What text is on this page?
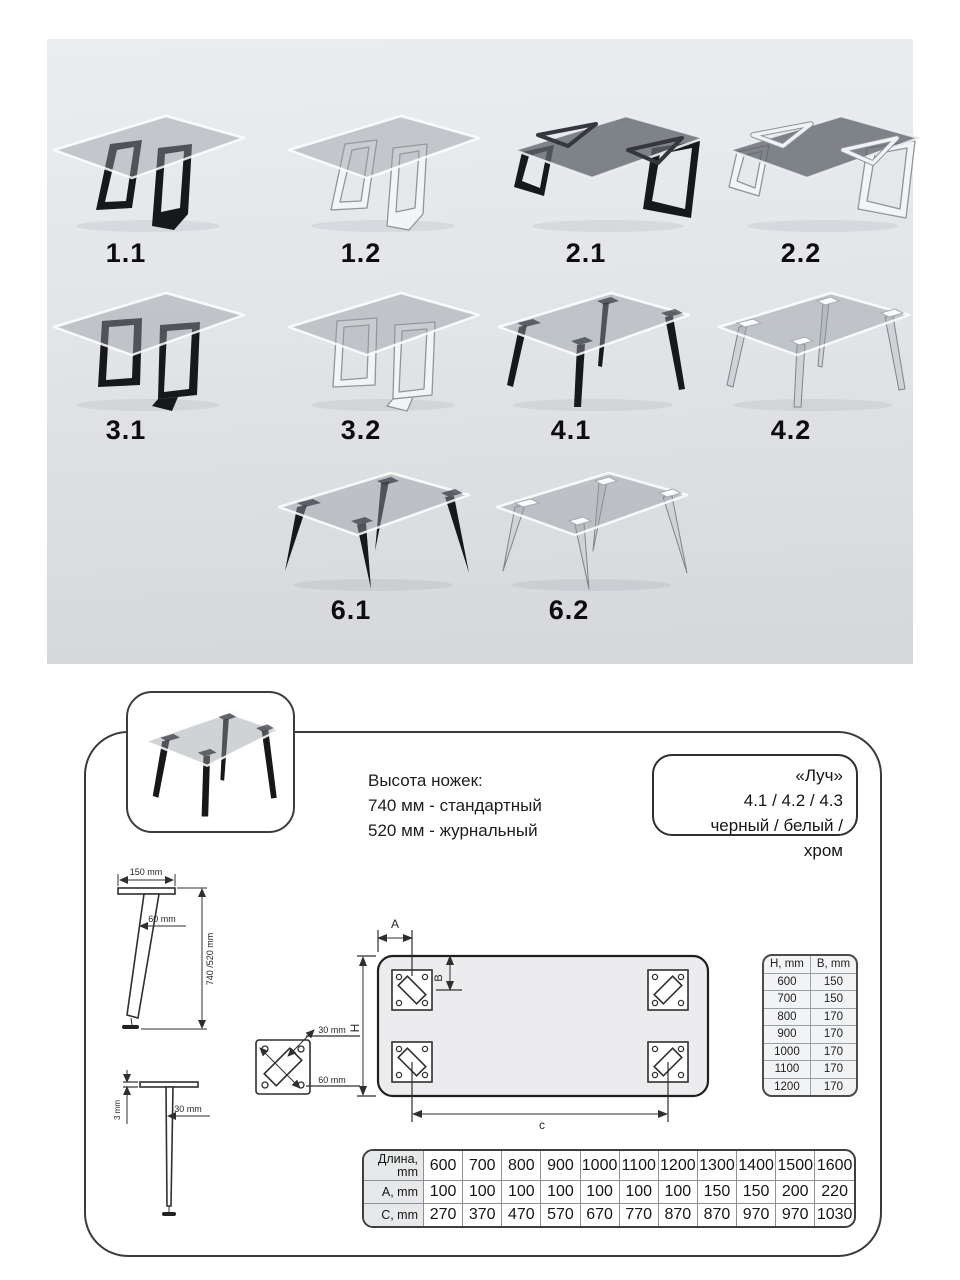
1.1	1.2	2.1	2.2
3.1	3.2	4.1	4.2
6.1	6.2
Высота ножек:
740 мм - стандартный
520 мм - журнальный
«Луч»
4.1 / 4.2 / 4.3
черный / белый / хром
150 mm
60 mm
740 /520 mm
30 mm
60 mm
3 mm	30 mm
A
B
H
c
H, mm	B, mm
600	150
700	150
800	170
900	170
1000	170
1100	170
1200	170
Длина,
mm	600	700	800	900	1000	1100	1200	1300	1400	1500	1600
A, mm	100	100	100	100	100	100	100	150	150	200	220
C, mm	270	370	470	570	670	770	870	870	970	970	1030
